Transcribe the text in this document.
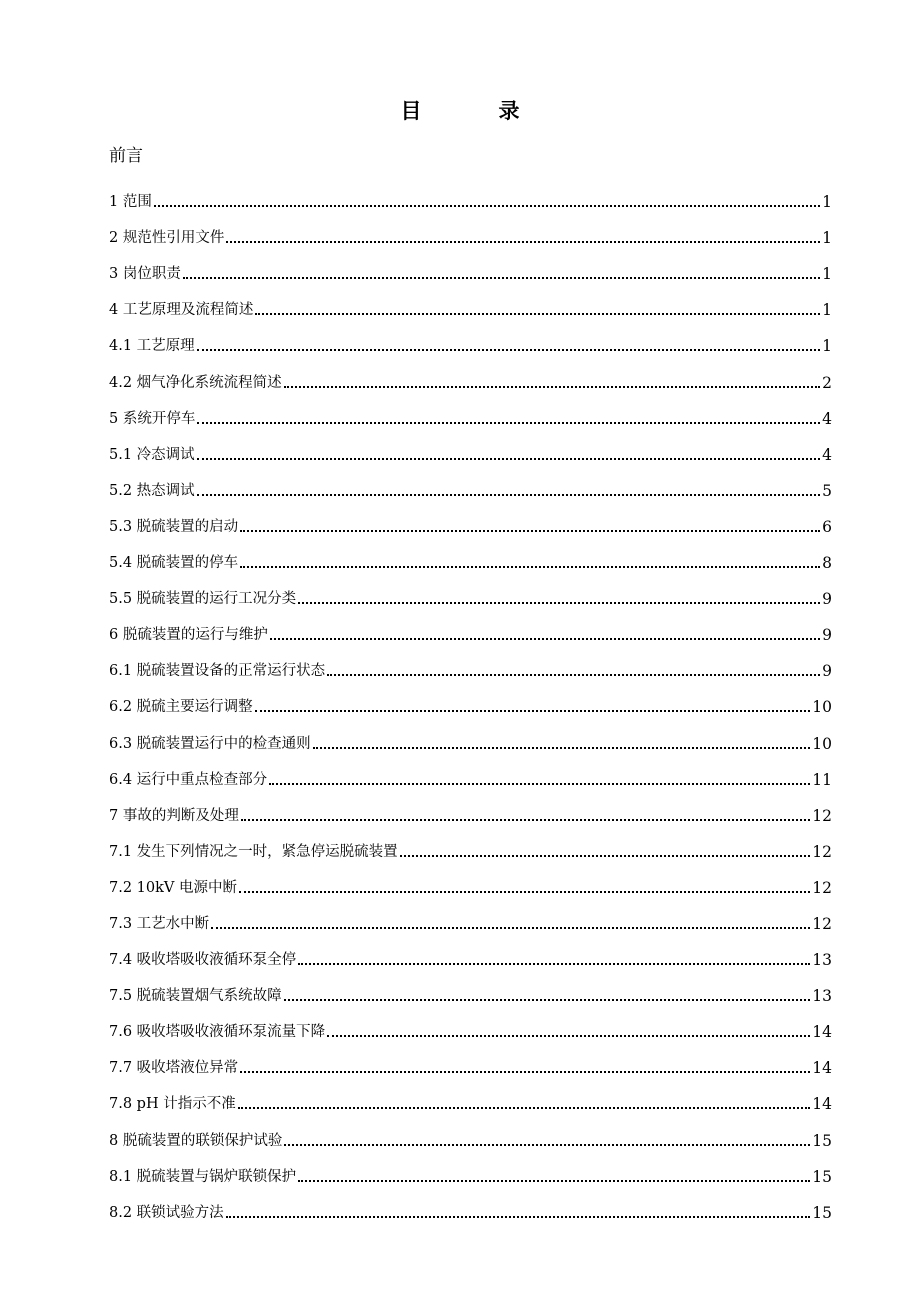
目　录
前言
1 范围	1
2 规范性引用文件	1
3 岗位职责	1
4 工艺原理及流程简述	1
4.1 工艺原理	1
4.2 烟气净化系统流程简述	2
5 系统开停车	4
5.1 冷态调试	4
5.2 热态调试	5
5.3 脱硫装置的启动	6
5.4 脱硫装置的停车	8
5.5 脱硫装置的运行工况分类	9
6 脱硫装置的运行与维护	9
6.1 脱硫装置设备的正常运行状态	9
6.2 脱硫主要运行调整	10
6.3 脱硫装置运行中的检查通则	10
6.4 运行中重点检查部分	11
7 事故的判断及处理	12
7.1 发生下列情况之一时，紧急停运脱硫装置	12
7.2 10kV 电源中断	12
7.3 工艺水中断	12
7.4 吸收塔吸收液循环泵全停	13
7.5 脱硫装置烟气系统故障	13
7.6 吸收塔吸收液循环泵流量下降	14
7.7 吸收塔液位异常	14
7.8 pH 计指示不准	14
8 脱硫装置的联锁保护试验	15
8.1 脱硫装置与锅炉联锁保护	15
8.2 联锁试验方法	15
